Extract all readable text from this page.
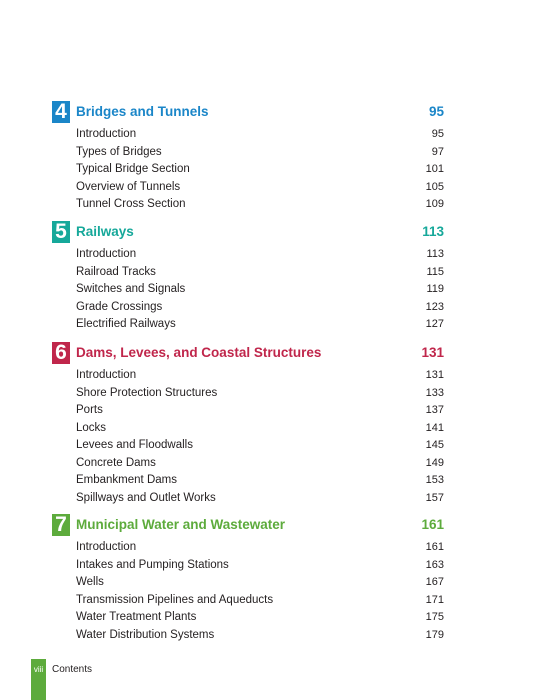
4 Bridges and Tunnels	95
Introduction	95
Types of Bridges	97
Typical Bridge Section	101
Overview of Tunnels	105
Tunnel Cross Section	109
5 Railways	113
Introduction	113
Railroad Tracks	115
Switches and Signals	119
Grade Crossings	123
Electrified Railways	127
6 Dams, Levees, and Coastal Structures	131
Introduction	131
Shore Protection Structures	133
Ports	137
Locks	141
Levees and Floodwalls	145
Concrete Dams	149
Embankment Dams	153
Spillways and Outlet Works	157
7 Municipal Water and Wastewater	161
Introduction	161
Intakes and Pumping Stations	163
Wells	167
Transmission Pipelines and Aqueducts	171
Water Treatment Plants	175
Water Distribution Systems	179
viii Contents
